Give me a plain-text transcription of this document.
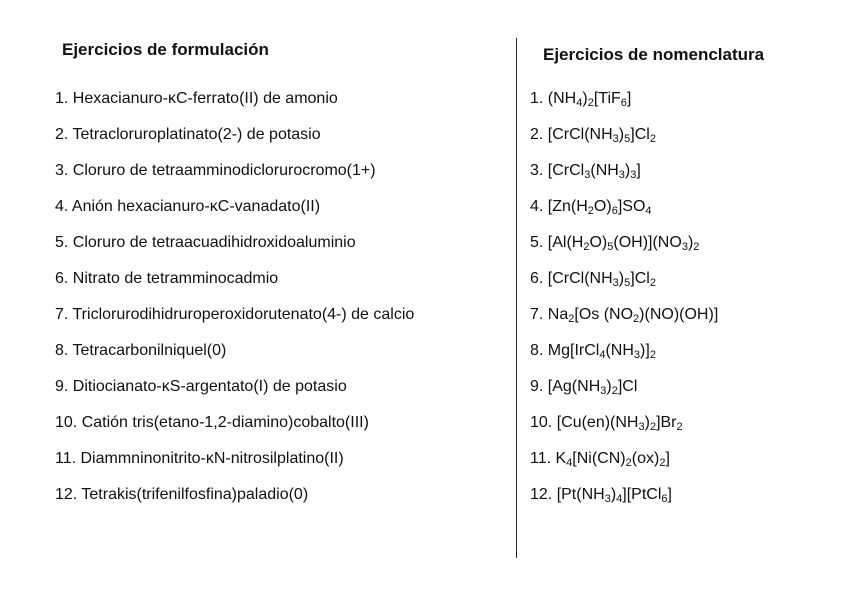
Ejercicios de formulación
1. Hexacianuro-κC-ferrato(II) de amonio
2. Tetracloruroplatinato(2-) de potasio
3. Cloruro de tetraamminodiclorurocromo(1+)
4. Anión hexacianuro-κC-vanadato(II)
5. Cloruro de tetraacuadihidroxidoaluminio
6. Nitrato de tetramminocadmio
7. Triclorurodihidruroperoxidorutenato(4-) de calcio
8. Tetracarbonilniquel(0)
9. Ditiocianato-κS-argentato(I) de potasio
10. Catión tris(etano-1,2-diamino)cobalto(III)
11. Diammninonitrito-κN-nitrosilplatino(II)
12. Tetrakis(trifenilfosfina)paladio(0)
Ejercicios de nomenclatura
1. $(NH_4)_2[TiF_6]$
2. $[CrCl(NH_3)_5]Cl_2$
3. $[CrCl_3(NH_3)_3]$
4. $[Zn(H_2O)_6]SO_4$
5. $[Al(H_2O)_5(OH)](NO_3)_2$
6. $[CrCl(NH_3)_5]Cl_2$
7. $Na_2[Os$ $(NO_2)(NO)(OH)$]
8. $Mg[IrCl_4(NH_3)]_2$
9. $[Ag(NH_3)_2]Cl$
10. $[Cu(en)(NH_3)_2]Br_2$
11. $K_4[Ni(CN)_2(ox)_2]$
12. $[Pt(NH_3)_4][PtCl_6]$
